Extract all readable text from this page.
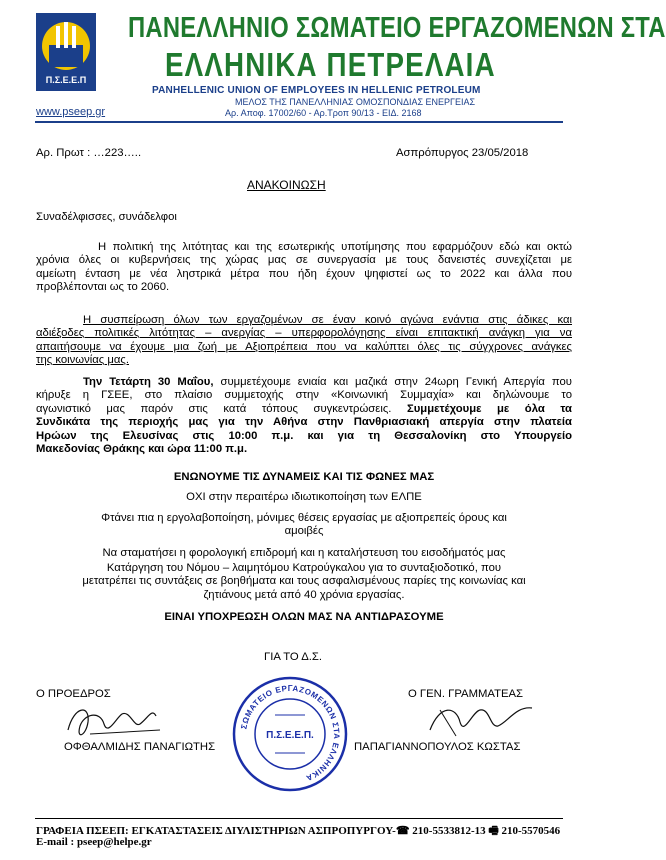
Π.Σ.Ε.Ε.Π
ΠΑΝΕΛΛΗΝΙΟ ΣΩΜΑΤΕΙΟ ΕΡΓΑΖΟΜΕΝΩΝ ΣΤΑ
ΕΛΛΗΝΙΚΑ ΠΕΤΡΕΛΑΙΑ
PANHELLENIC UNION OF EMPLOYEES IN HELLENIC PETROLEUM
ΜΕΛΟΣ ΤΗΣ ΠΑΝΕΛΛΗΝΙΑΣ ΟΜΟΣΠΟΝΔΙΑΣ ΕΝΕΡΓΕΙΑΣ
Αρ. Αποφ. 17002/60 - Αρ.Τροπ 90/13 - ΕΙΔ. 2168
www.pseep.gr
Αρ. Πρωτ : …223…..	Ασπρόπυργος 23/05/2018
ΑΝΑΚΟΙΝΩΣΗ
Συναδέλφισσες, συνάδελφοι
Η πολιτική της λιτότητας και της εσωτερικής υποτίμησης που εφαρμόζουν εδώ και οκτώ
χρόνια όλες οι κυβερνήσεις της χώρας μας σε συνεργασία με τους δανειστές συνεχίζεται με
αμείωτη ένταση με νέα ληστρικά μέτρα που ήδη έχουν ψηφιστεί ως το 2022 και άλλα που
προβλέπονται ως το 2060.
Η συσπείρωση όλων των εργαζομένων σε έναν κοινό αγώνα ενάντια στις άδικες και
αδιέξοδες πολιτικές λιτότητας – ανεργίας – υπερφορολόγησης είναι επιτακτική ανάγκη για να
απαιτήσουμε να έχουμε μια ζωή με Αξιοπρέπεια που να καλύπτει όλες τις σύγχρονες ανάγκες
της κοινωνίας μας.
Την Τετάρτη 30 Μαΐου, συμμετέχουμε ενιαία και μαζικά στην 24ωρη Γενική Απεργία που
κήρυξε η ΓΣΕΕ, στο πλαίσιο συμμετοχής στην «Κοινωνική Συμμαχία» και δηλώνουμε το
αγωνιστικό μας παρόν στις κατά τόπους συγκεντρώσεις. Συμμετέχουμε με όλα τα
Συνδικάτα της περιοχής μας για την Αθήνα στην Πανθριασιακή απεργία στην πλατεία
Ηρώων της Ελευσίνας στις 10:00 π.μ. και για τη Θεσσαλονίκη στο Υπουργείο
Μακεδονίας Θράκης και ώρα 11:00 π.μ.
ΕΝΩΝΟΥΜΕ ΤΙΣ ΔΥΝΑΜΕΙΣ ΚΑΙ ΤΙΣ ΦΩΝΕΣ ΜΑΣ
ΟΧΙ στην περαιτέρω ιδιωτικοποίηση των ΕΛΠΕ
Φτάνει πια η εργολαβοποίηση, μόνιμες θέσεις εργασίας με αξιοπρεπείς όρους και
αμοιβές
Να σταματήσει η φορολογική επιδρομή και η καταλήστευση του εισοδήματός μας
Κατάργηση του Νόμου – λαιμητόμου Κατρούγκαλου για το συνταξιοδοτικό, που
μετατρέπει τις συντάξεις σε βοηθήματα και τους ασφαλισμένους παρίες της κοινωνίας και
ζητιάνους μετά από 40 χρόνια εργασίας.
ΕΙΝΑΙ ΥΠΟΧΡΕΩΣΗ ΟΛΩΝ ΜΑΣ ΝΑ ΑΝΤΙΔΡΑΣΟΥΜΕ
ΓΙΑ ΤΟ Δ.Σ.
Ο ΠΡΟΕΔΡΟΣ	Ο ΓΕΝ. ΓΡΑΜΜΑΤΕΑΣ
ΟΦΘΑΛΜΙΔΗΣ ΠΑΝΑΓΙΩΤΗΣ	ΠΑΠΑΓΙΑΝΝΟΠΟΥΛΟΣ ΚΩΣΤΑΣ
ΣΩΜΑΤΕΙΟ ΕΡΓΑΖΟΜΕΝΩΝ ΣΤΑ ΕΛΛΗΝΙΚΑ
Π.Σ.Ε.Ε.Π.
ΓΡΑΦΕΙΑ ΠΣΕΕΠ: ΕΓΚΑΤΑΣΤΑΣΕΙΣ ΔΙΥΛΙΣΤΗΡΙΩΝ ΑΣΠΡΟΠΥΡΓΟΥ-☎ 210-5533812-13 🖷 210-5570546
E-mail : pseep@helpe.gr
